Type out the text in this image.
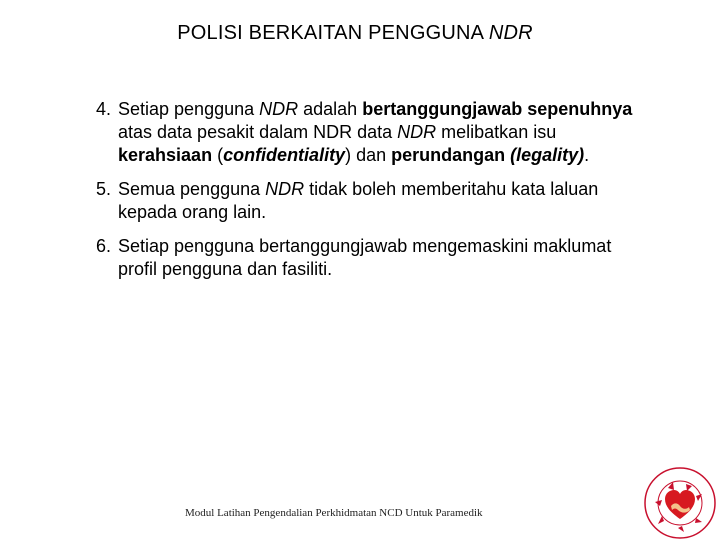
POLISI BERKAITAN PENGGUNA NDR
4. Setiap pengguna NDR adalah bertanggungjawab sepenuhnya atas data pesakit dalam NDR data NDR melibatkan isu kerahsiaan (confidentiality) dan perundangan (legality).
5. Semua pengguna NDR tidak boleh memberitahu kata laluan kepada orang lain.
6. Setiap pengguna bertanggungjawab mengemaskini maklumat profil pengguna dan fasiliti.
Modul Latihan Pengendalian Perkhidmatan NCD Untuk Paramedik
